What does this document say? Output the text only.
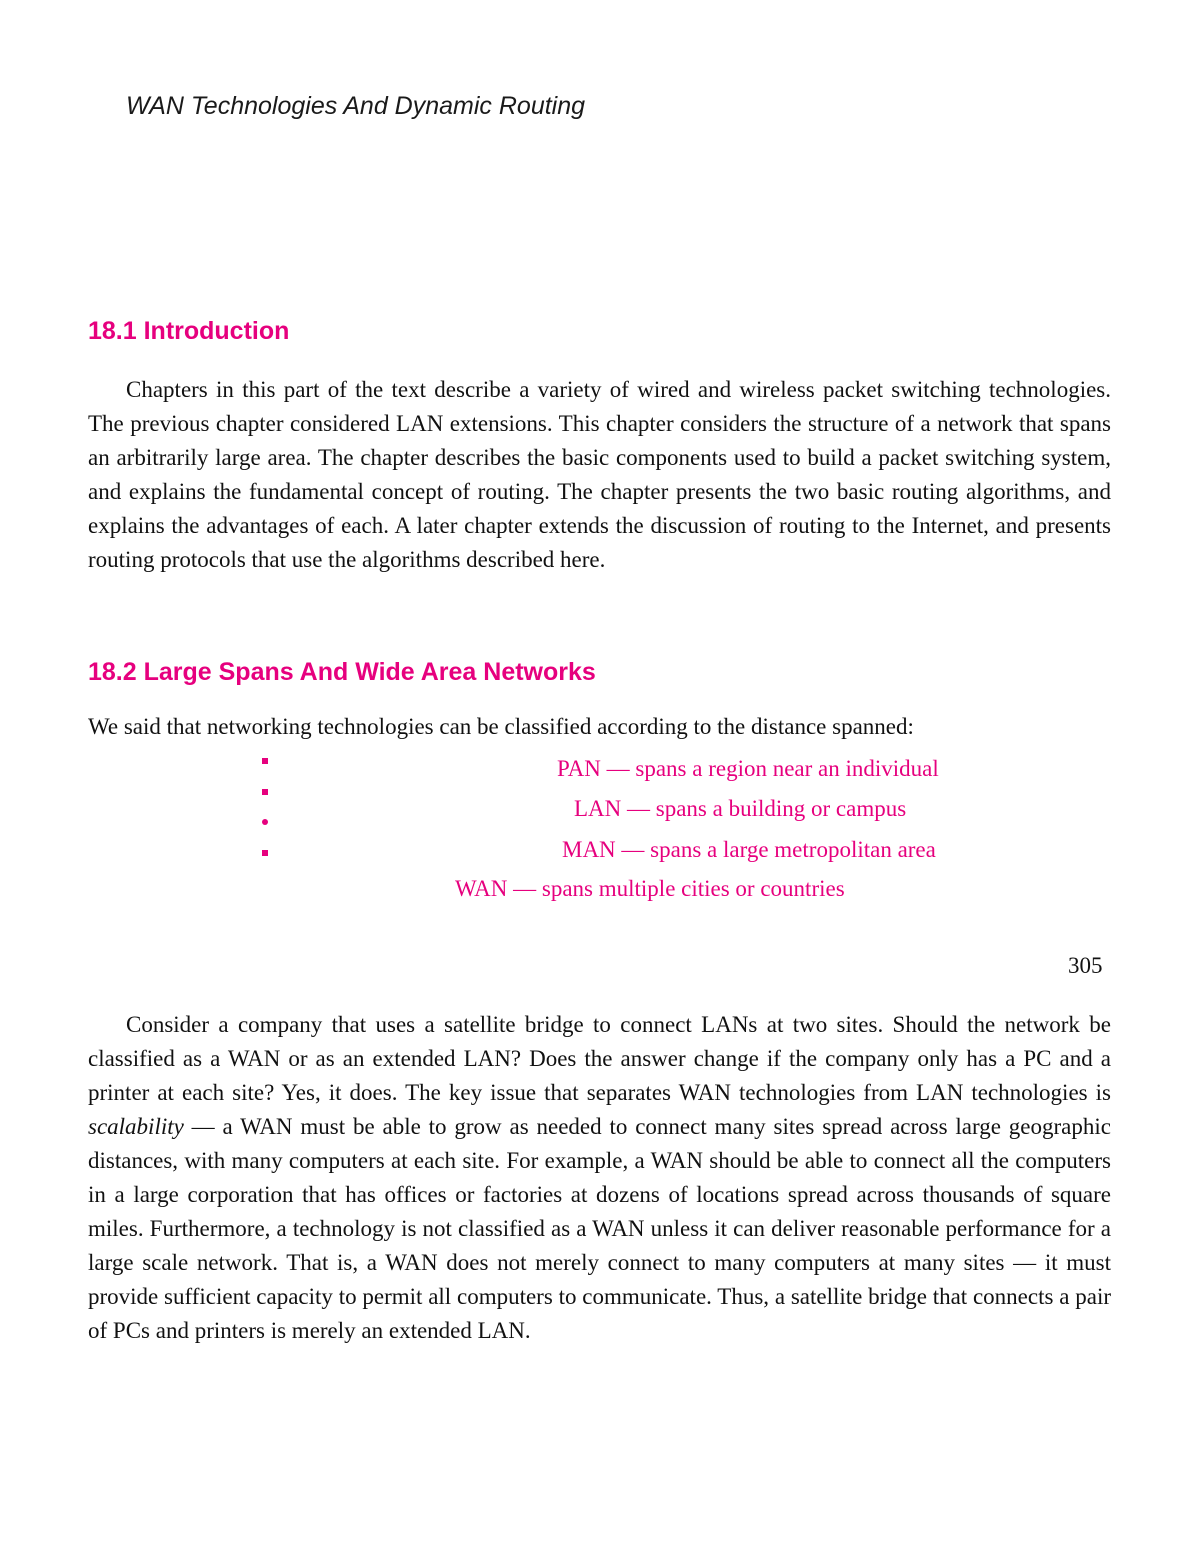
WAN Technologies And Dynamic Routing
18.1 Introduction

Chapters in this part of the text describe a variety of wired and wireless packet switching technologies. The previous chapter considered LAN extensions. This chapter considers the structure of a network that spans an arbitrarily large area. The chapter describes the basic components used to build a packet switching system, and explains the fundamental concept of routing. The chapter presents the two basic routing algorithms, and explains the advantages of each. A later chapter extends the discussion of routing to the Internet, and presents routing protocols that use the algorithms described here.

18.2 Large Spans And Wide Area Networks

We said that networking technologies can be classified according to the distance spanned:

PAN — spans a region near an individual
LAN — spans a building or campus
MAN — spans a large metropolitan area
WAN — spans multiple cities or countries
305

Consider a company that uses a satellite bridge to connect LANs at two sites. Should the network be classified as a WAN or as an extended LAN? Does the answer change if the company only has a PC and a printer at each site? Yes, it does. The key issue that separates WAN technologies from LAN technologies is scalability — a WAN must be able to grow as needed to connect many sites spread across large geographic distances, with many computers at each site. For example, a WAN should be able to connect all the computers in a large corporation that has offices or factories at dozens of locations spread across thousands of square miles. Furthermore, a technology is not classified as a WAN unless it can deliver reasonable performance for a large scale network. That is, a WAN does not merely connect to many computers at many sites — it must provide sufficient capacity to permit all computers to communicate. Thus, a satellite bridge that connects a pair of PCs and printers is merely an extended LAN.
